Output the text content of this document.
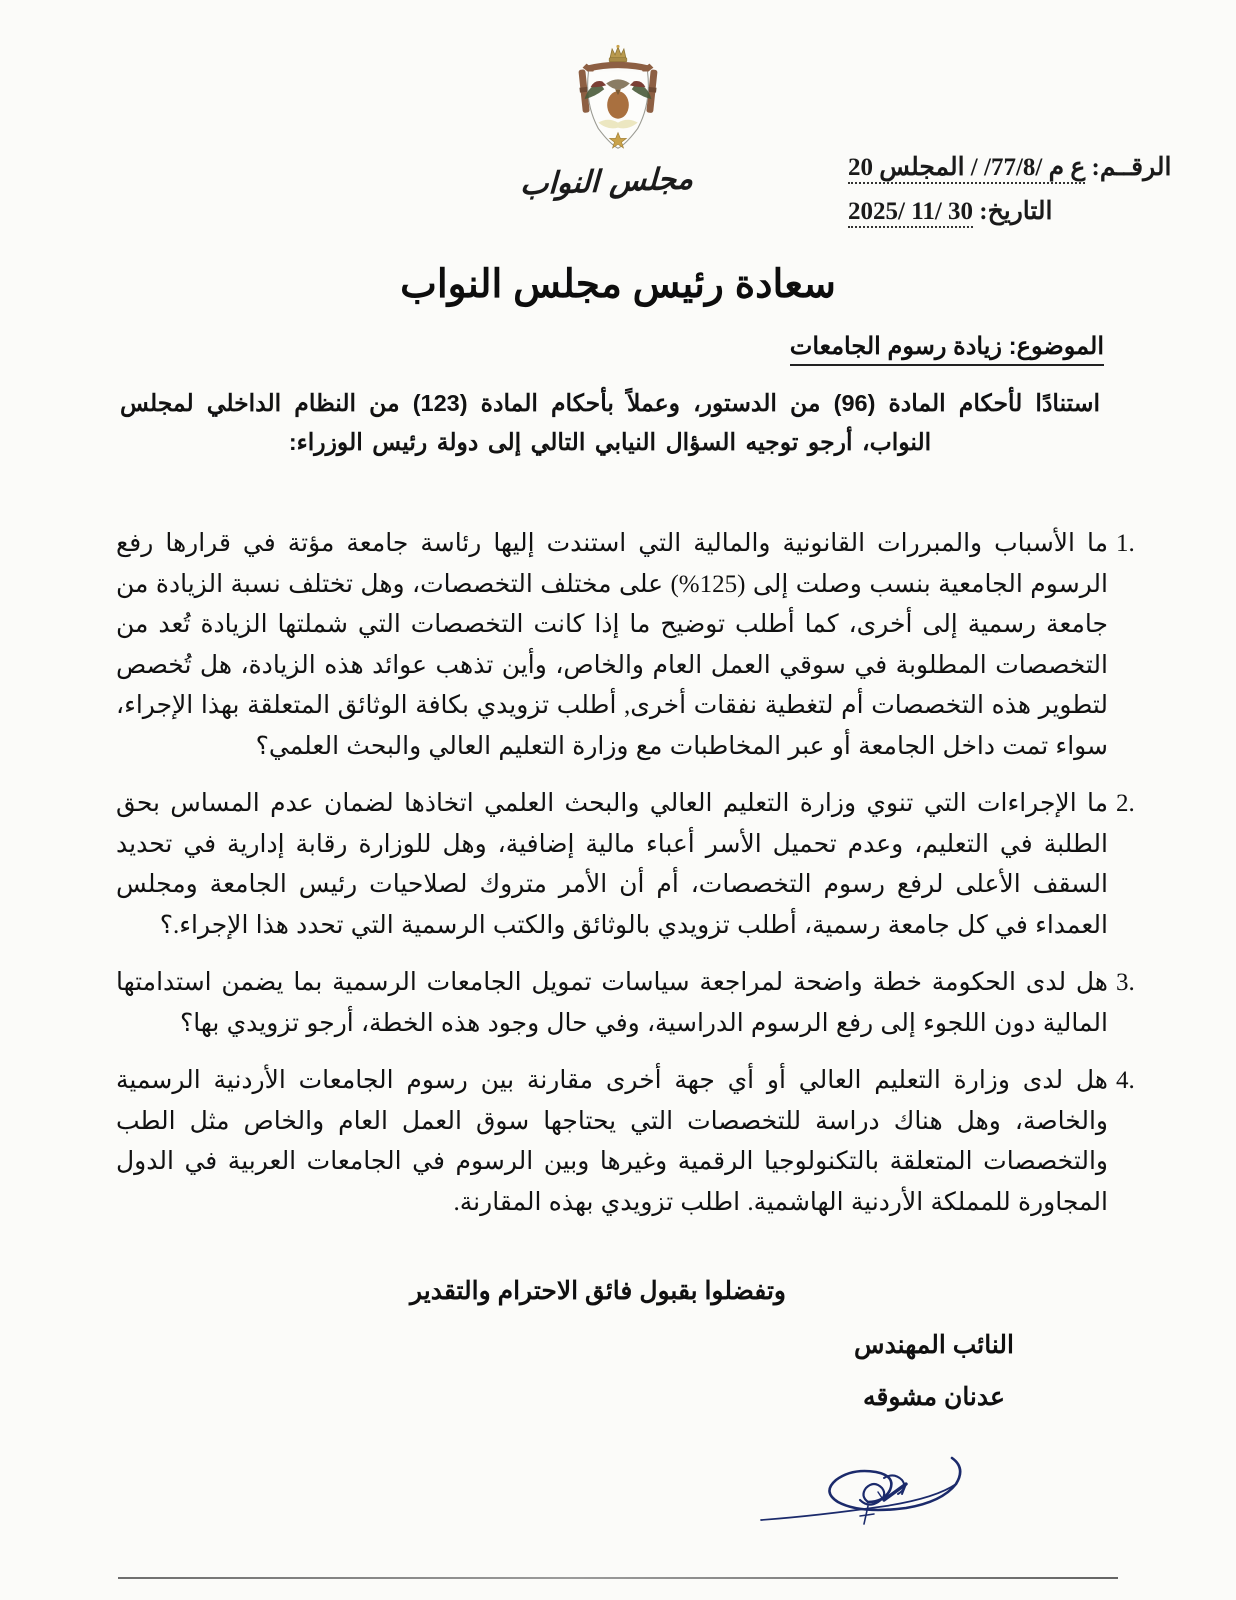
مجلس النواب	الرقــم: ع م /77/8/ / المجلس 20
التاريخ: 30 /11 /2025
سعادة رئيس مجلس النواب
الموضوع: زيادة رسوم الجامعات
استنادًا لأحكام المادة (96) من الدستور، وعملاً بأحكام المادة (123) من النظام الداخلي لمجلس النواب، أرجو توجيه السؤال النيابي التالي إلى دولة رئيس الوزراء:
1.
ما الأسباب والمبررات القانونية والمالية التي استندت إليها رئاسة جامعة مؤتة في قرارها رفع الرسوم الجامعية بنسب وصلت إلى (125%) على مختلف التخصصات، وهل تختلف نسبة الزيادة من جامعة رسمية إلى أخرى، كما أطلب توضيح ما إذا كانت التخصصات التي شملتها الزيادة تُعد من التخصصات المطلوبة في سوقي العمل العام والخاص، وأين تذهب عوائد هذه الزيادة، هل تُخصص لتطوير هذه التخصصات أم لتغطية نفقات أخرى, أطلب تزويدي بكافة الوثائق المتعلقة بهذا الإجراء، سواء تمت داخل الجامعة أو عبر المخاطبات مع وزارة التعليم العالي والبحث العلمي؟
2.
ما الإجراءات التي تنوي وزارة التعليم العالي والبحث العلمي اتخاذها لضمان عدم المساس بحق الطلبة في التعليم، وعدم تحميل الأسر أعباء مالية إضافية، وهل للوزارة رقابة إدارية في تحديد السقف الأعلى لرفع رسوم التخصصات، أم أن الأمر متروك لصلاحيات رئيس الجامعة ومجلس العمداء في كل جامعة رسمية، أطلب تزويدي بالوثائق والكتب الرسمية التي تحدد هذا الإجراء.؟
3.
هل لدى الحكومة خطة واضحة لمراجعة سياسات تمويل الجامعات الرسمية بما يضمن استدامتها المالية دون اللجوء إلى رفع الرسوم الدراسية، وفي حال وجود هذه الخطة، أرجو تزويدي بها؟
4.
هل لدى وزارة التعليم العالي أو أي جهة أخرى مقارنة بين رسوم الجامعات الأردنية الرسمية والخاصة، وهل هناك دراسة للتخصصات التي يحتاجها سوق العمل العام والخاص مثل الطب والتخصصات المتعلقة بالتكنولوجيا الرقمية وغيرها وبين الرسوم في الجامعات العربية في الدول المجاورة للمملكة الأردنية الهاشمية. اطلب تزويدي بهذه المقارنة.
وتفضلوا بقبول فائق الاحترام والتقدير
النائب المهندس
عدنان مشوقه
